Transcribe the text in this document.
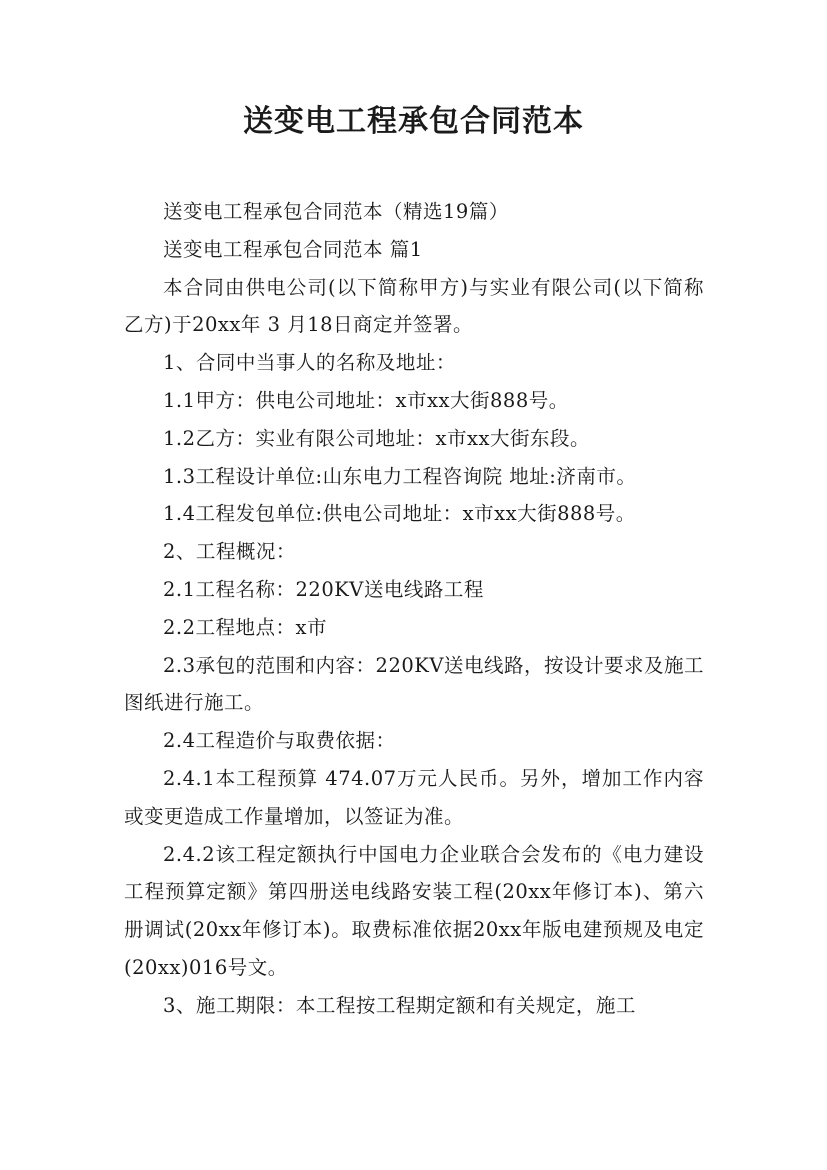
送变电工程承包合同范本

送变电工程承包合同范本（精选19篇）

送变电工程承包合同范本 篇1

本合同由供电公司(以下简称甲方)与实业有限公司(以下简称乙方)于20xx年 3 月18日商定并签署。

1、合同中当事人的名称及地址：

1.1甲方：供电公司地址：x市xx大街888号。

1.2乙方：实业有限公司地址：x市xx大街东段。

1.3工程设计单位:山东电力工程咨询院 地址:济南市。

1.4工程发包单位:供电公司地址：x市xx大街888号。

2、工程概况：

2.1工程名称：220KV送电线路工程

2.2工程地点：x市

2.3承包的范围和内容：220KV送电线路，按设计要求及施工图纸进行施工。

2.4工程造价与取费依据：

2.4.1本工程预算 474.07万元人民币。另外，增加工作内容或变更造成工作量增加，以签证为准。

2.4.2该工程定额执行中国电力企业联合会发布的《电力建设工程预算定额》第四册送电线路安装工程(20xx年修订本)、第六册调试(20xx年修订本)。取费标准依据20xx年版电建预规及电定(20xx)016号文。

3、施工期限：本工程按工程期定额和有关规定，施工
